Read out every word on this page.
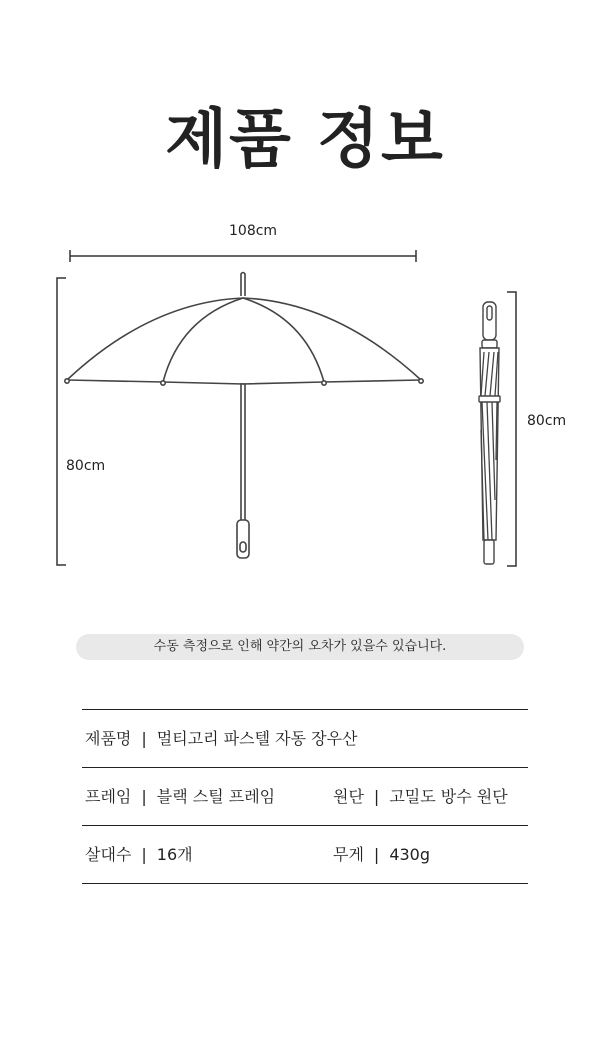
제품 정보
108cm
80cm
80cm
수동 측정으로 인해 약간의 오차가 있을수 있습니다.
제품명 | 멀티고리 파스텔 자동 장우산
프레임 | 블랙 스틸 프레임	원단 | 고밀도 방수 원단
살대수 | 16개	무게 | 430g
